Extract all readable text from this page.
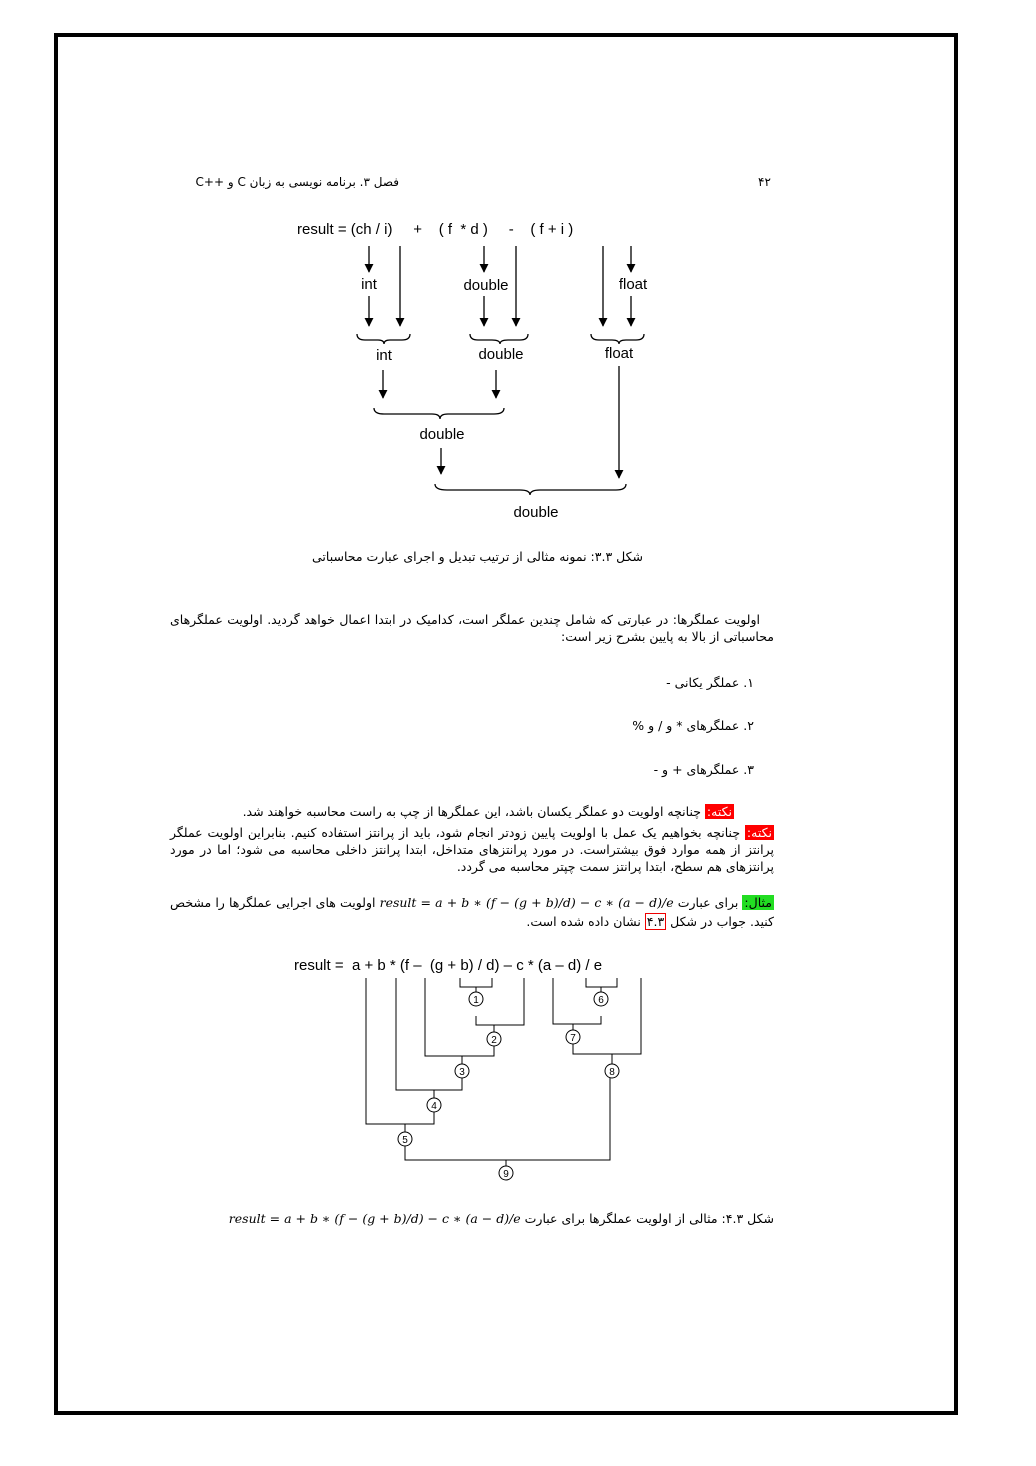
فصل ۳. برنامه نویسی به زبان C و ++C	۴۲
result = (ch / i)     +    ( f  * d )     -    ( f + i )
int	double	float
int	double	float
double
double
شکل ۳.۳: نمونه مثالی از ترتیب تبدیل و اجرای عبارت محاسباتی
اولویت عملگرها: در عبارتی که شامل چندین عملگر است، کدامیک در ابتدا اعمال خواهد گردید. اولویت عملگرهای محاسباتی از بالا به پایین بشرح زیر است:
۱. عملگر یکانی -
۲. عملگرهای * و / و %
۳. عملگرهای + و -
نکته: چنانچه اولویت دو عملگر یکسان باشد، این عملگرها از چپ به راست محاسبه خواهند شد.
نکته: چنانچه بخواهیم یک عمل با اولویت پایین زودتر انجام شود، باید از پرانتز استفاده کنیم. بنابراین اولویت عملگر پرانتز از همه موارد فوق بیشتراست. در مورد پرانتزهای متداخل، ابتدا پرانتز داخلی محاسبه می شود؛ اما در مورد پرانتزهای هم سطح، ابتدا پرانتز سمت چپتر محاسبه می گردد.
مثال: برای عبارت result = a + b ∗ (f − (g + b)/d) − c ∗ (a − d)/e اولویت های اجرایی عملگرها را مشخص کنید. جواب در شکل ۴.۳ نشان داده شده است.
result =  a + b * (f –  (g + b) / d) – c * (a – d) / e
1
2
3
4
5
6
7
8
9
شکل ۴.۳: مثالی از اولویت عملگرها برای عبارت result = a + b ∗ (f − (g + b)/d) − c ∗ (a − d)/e
